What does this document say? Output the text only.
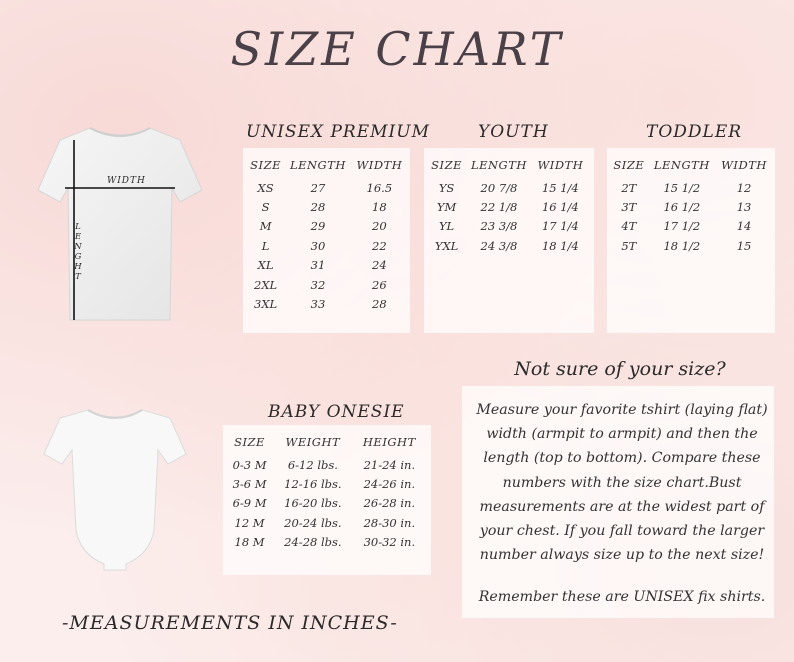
SIZE CHART
WIDTH
L
E
N
G
H
T
UNISEX PREMIUM
SIZE	LENGTH	WIDTH
XS	27	16.5
S	28	18
M	29	20
L	30	22
XL	31	24
2XL	32	26
3XL	33	28
YOUTH
SIZE	LENGTH	WIDTH
YS	20 7/8	15 1/4
YM	22 1/8	16 1/4
YL	23 3/8	17 1/4
YXL	24 3/8	18 1/4
TODDLER
SIZE	LENGTH	WIDTH
2T	15 1/2	12
3T	16 1/2	13
4T	17 1/2	14
5T	18 1/2	15
BABY ONESIE
SIZE	WEIGHT	HEIGHT
0-3 M	6-12 lbs.	21-24 in.
3-6 M	12-16 lbs.	24-26 in.
6-9 M	16-20 lbs.	26-28 in.
12 M	20-24 lbs.	28-30 in.
18 M	24-28 lbs.	30-32 in.
Not sure of your size?

Measure your favorite tshirt (laying flat) width (armpit to armpit) and then the length (top to bottom). Compare these numbers with the size chart.Bust measurements are at the widest part of your chest. If you fall toward the larger number always size up to the next size!

Remember these are UNISEX fix shirts.

-MEASUREMENTS IN INCHES-
